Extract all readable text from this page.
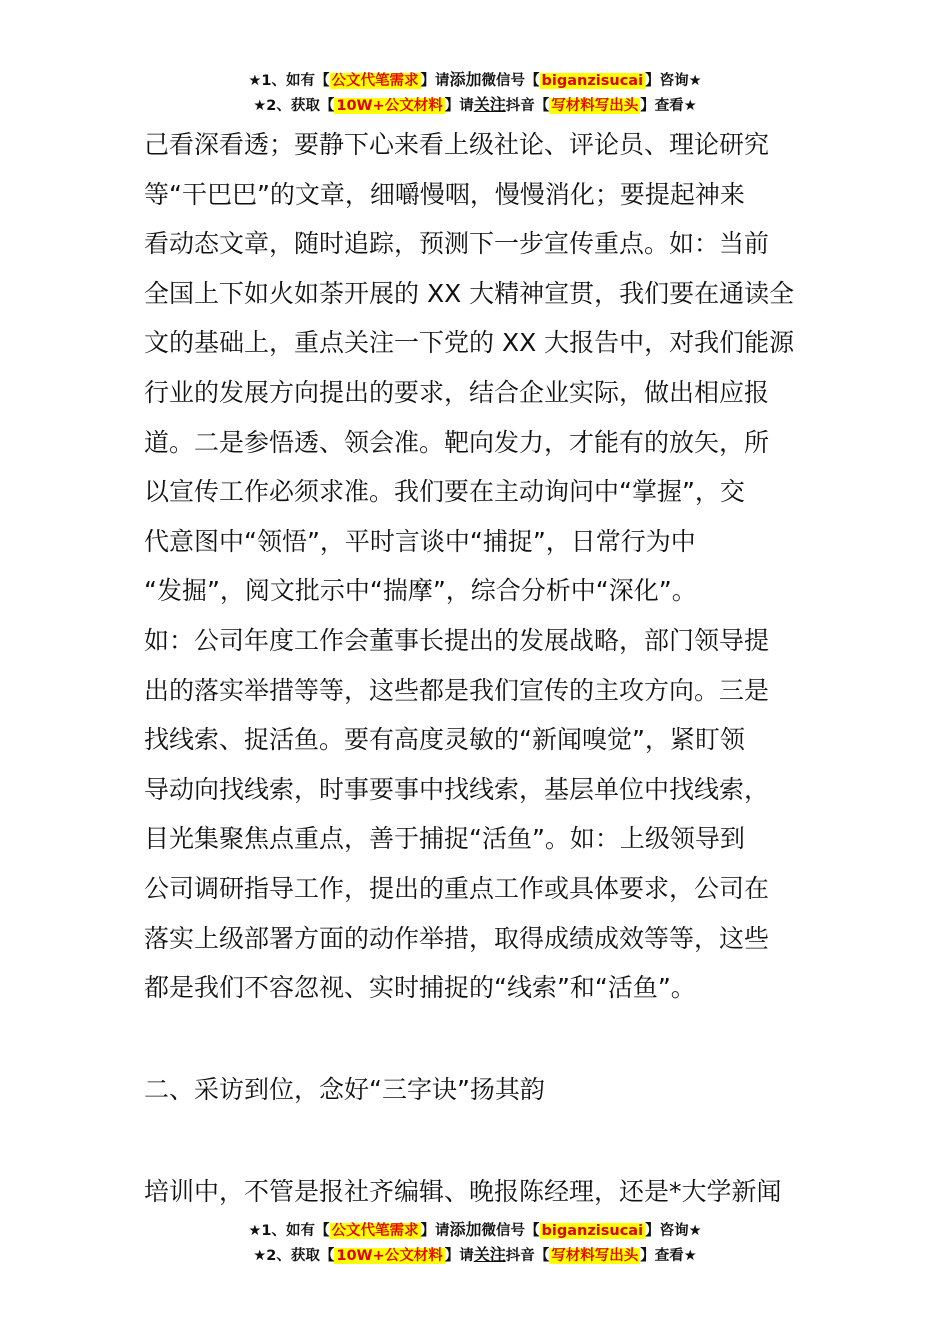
★1、如有【 公文代笔需求 】请添加微信号【 biganzisucai 】咨询★
★2、获取【 10W+公文材料 】请关注抖音【 写材料写出头 】查看★
己看深看透；要静下心来看上级社论、评论员、理论研究
等“干巴巴”的文章，细嚼慢咽，慢慢消化；要提起神来
看动态文章，随时追踪，预测下一步宣传重点。如：当前
全国上下如火如荼开展的 XX 大精神宣贯，我们要在通读全
文的基础上，重点关注一下党的 XX 大报告中，对我们能源
行业的发展方向提出的要求，结合企业实际，做出相应报
道。二是参悟透、领会准。靶向发力，才能有的放矢，所
以宣传工作必须求准。我们要在主动询问中“掌握”，交
代意图中“领悟”，平时言谈中“捕捉”，日常行为中
“发掘”，阅文批示中“揣摩”，综合分析中“深化”。
如：公司年度工作会董事长提出的发展战略，部门领导提
出的落实举措等等，这些都是我们宣传的主攻方向。三是
找线索、捉活鱼。要有高度灵敏的“新闻嗅觉”，紧盯领
导动向找线索，时事要事中找线索，基层单位中找线索，
目光集聚焦点重点，善于捕捉“活鱼”。如：上级领导到
公司调研指导工作，提出的重点工作或具体要求，公司在
落实上级部署方面的动作举措，取得成绩成效等等，这些
都是我们不容忽视、实时捕捉的“线索”和“活鱼”。
二、采访到位，念好“三字诀”扬其韵
培训中，不管是报社齐编辑、晚报陈经理，还是*大学新闻
★1、如有【 公文代笔需求 】请添加微信号【 biganzisucai 】咨询★
★2、获取【 10W+公文材料 】请关注抖音【 写材料写出头 】查看★
